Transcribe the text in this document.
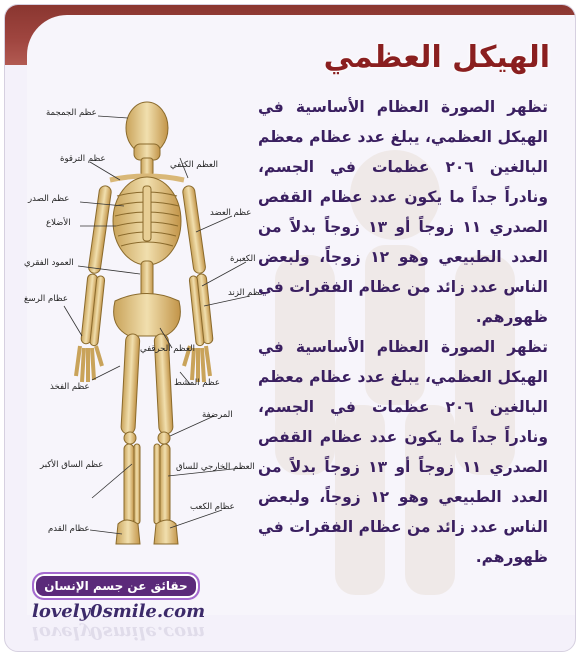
الهيكل العظمي
عظم الجمجمة
عظم الترقوة
عظم الصدر
الأضلاع
العمود الفقري
عظام الرسغ
العظم الحرقفي
عظم الفخذ
عظم الساق الأكبر
عظام القدم
العظم الكتفي
عظم العضد
الكعبرة
عظم الزند
عظم المشط
المرضفة
العظم الخارجي للساق
عظام الكعب

تظهر الصورة العظام الأساسية في الهيكل العظمي، يبلغ عدد عظام معظم البالغين ٢٠٦ عظمات في الجسم، ونادراً جداً ما يكون عدد عظام القفص الصدري ١١ زوجاً أو ١٣ زوجاً بدلاً من العدد الطبيعي وهو ١٢ زوجاً، ولبعض الناس عدد زائد من عظام الفقرات في ظهورهم.

تظهر الصورة العظام الأساسية في الهيكل العظمي، يبلغ عدد عظام معظم البالغين ٢٠٦ عظمات في الجسم، ونادراً جداً ما يكون عدد عظام القفص الصدري ١١ زوجاً أو ١٣ زوجاً بدلاً من العدد الطبيعي وهو ١٢ زوجاً، ولبعض الناس عدد زائد من عظام الفقرات في ظهورهم.

حقائق عن جسم الإنسان
lovely0smile.com
lovely0smile.com
